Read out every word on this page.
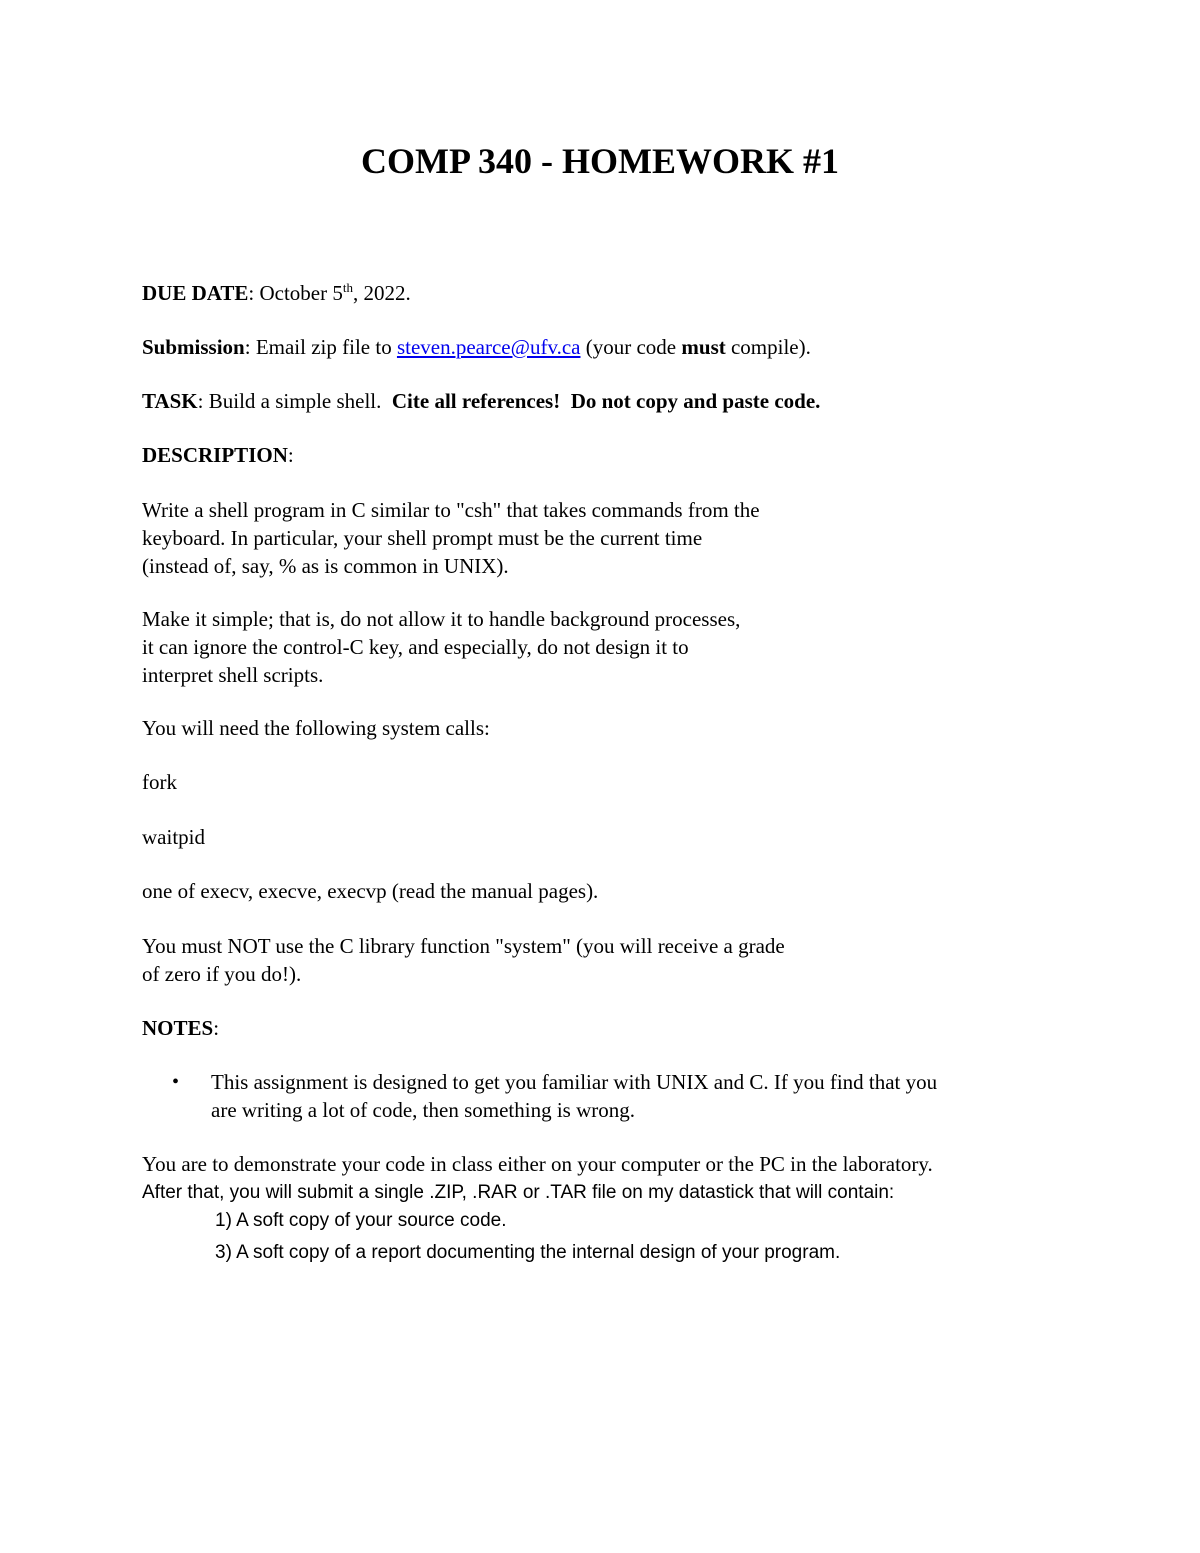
COMP 340 - HOMEWORK #1
DUE DATE: October 5th, 2022.
Submission: Email zip file to steven.pearce@ufv.ca (your code must compile).
TASK: Build a simple shell.  Cite all references! Do not copy and paste code.
DESCRIPTION:
Write a shell program in C similar to "csh" that takes commands from the
keyboard. In particular, your shell prompt must be the current time
(instead of, say, % as is common in UNIX).
Make it simple; that is, do not allow it to handle background processes,
it can ignore the control-C key, and especially, do not design it to
interpret shell scripts.
You will need the following system calls:
fork
waitpid
one of execv, execve, execvp (read the manual pages).
You must NOT use the C library function "system" (you will receive a grade
of zero if you do!).
NOTES:
• This assignment is designed to get you familiar with UNIX and C. If you find that you
are writing a lot of code, then something is wrong.
You are to demonstrate your code in class either on your computer or the PC in the laboratory.
After that, you will submit a single .ZIP, .RAR or .TAR file on my datastick that will contain:
1) A soft copy of your source code.
3) A soft copy of a report documenting the internal design of your program.
